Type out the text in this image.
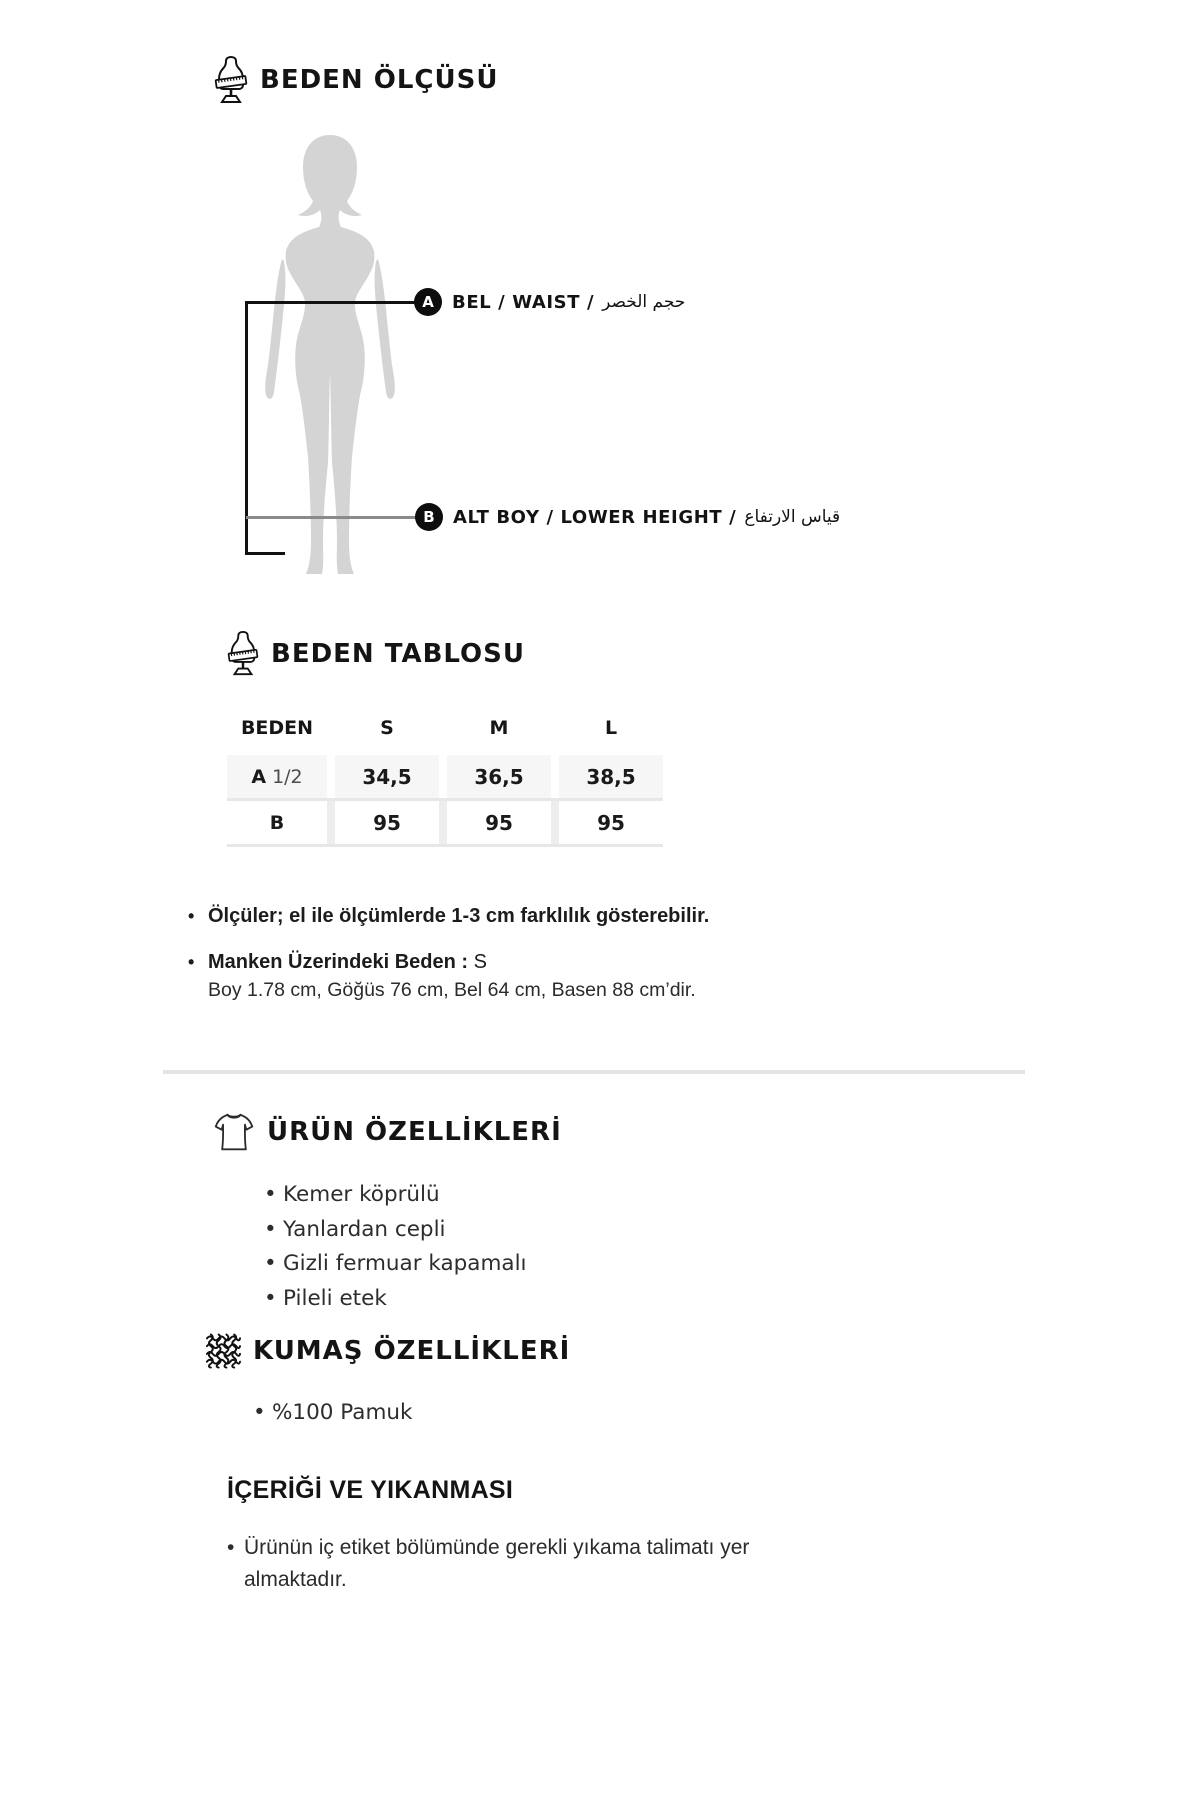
BEDEN ÖLÇÜSÜ
A	BEL / WAIST / حجم الخصر
B	ALT BOY / LOWER HEIGHT / قياس الارتفاع
BEDEN TABLOSU
BEDEN	S	M	L
A 1/2	34,5	36,5	38,5
B	95	95	95
• Ölçüler; el ile ölçümlerde 1-3 cm farklılık gösterebilir.
• Manken Üzerindeki Beden : S
Boy 1.78 cm, Göğüs 76 cm, Bel 64 cm, Basen 88 cm’dir.
ÜRÜN ÖZELLİKLERİ
• Kemer köprülü
• Yanlardan cepli
• Gizli fermuar kapamalı
• Pileli etek
KUMAŞ ÖZELLİKLERİ
• %100 Pamuk
İÇERİĞİ VE YIKANMASI
• Ürünün iç etiket bölümünde gerekli yıkama talimatı yer almaktadır.
